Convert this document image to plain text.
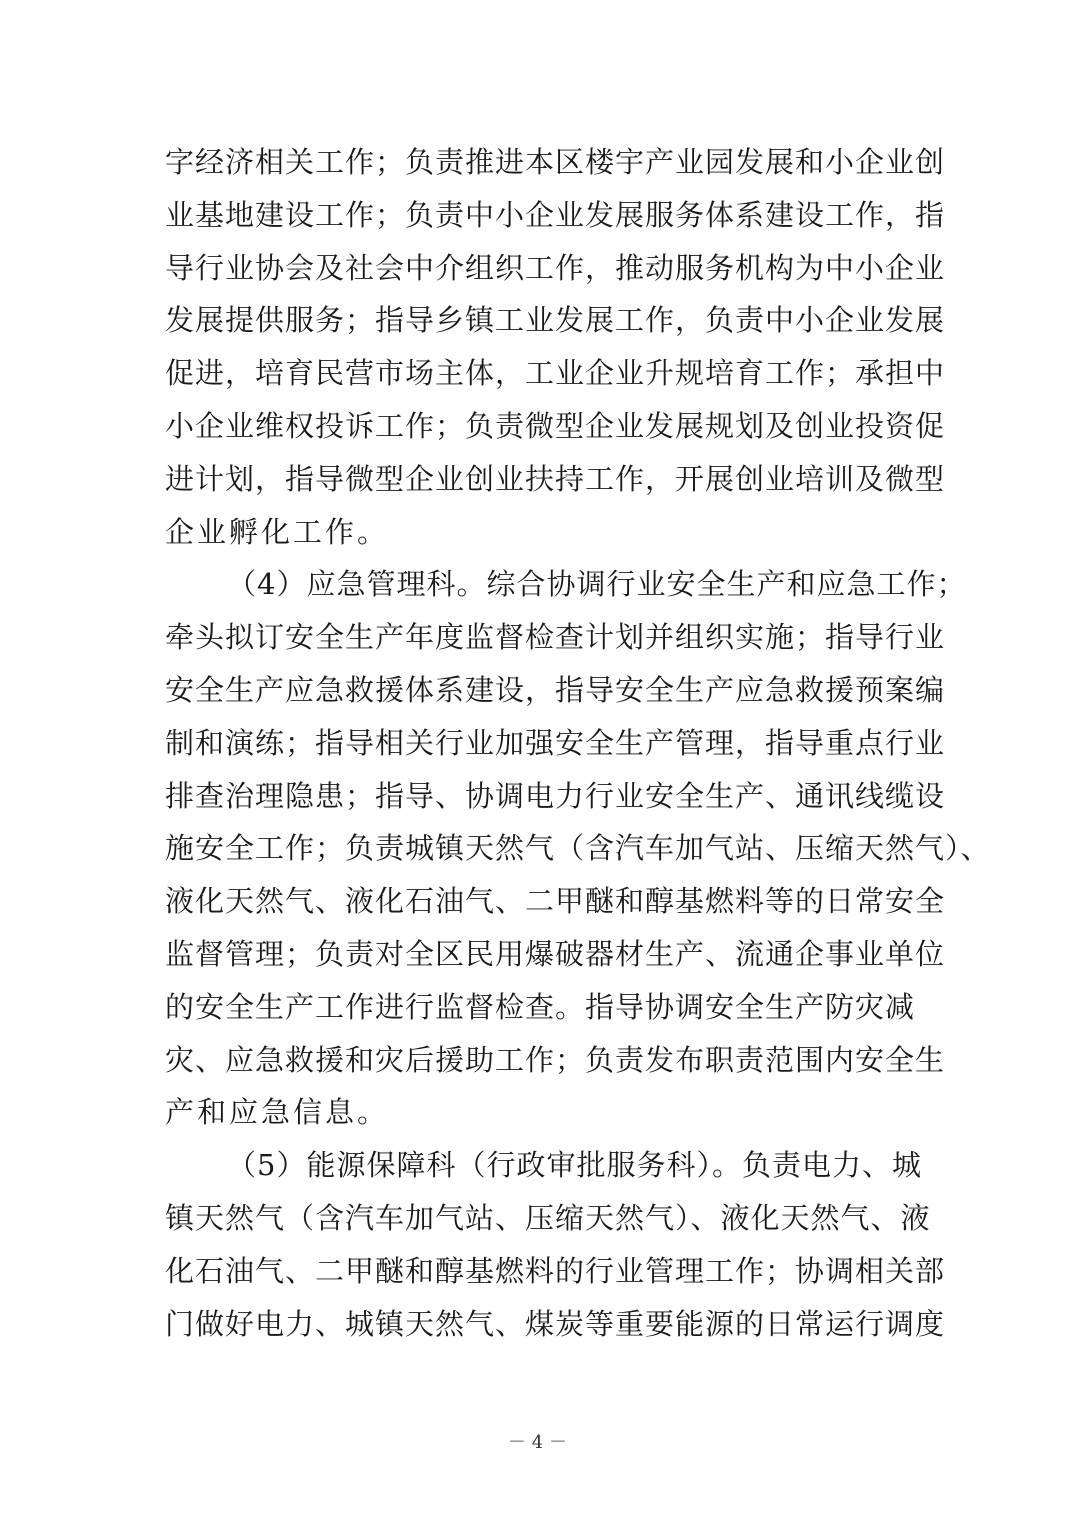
字经济相关工作；负责推进本区楼宇产业园发展和小企业创
业基地建设工作；负责中小企业发展服务体系建设工作，指
导行业协会及社会中介组织工作，推动服务机构为中小企业
发展提供服务；指导乡镇工业发展工作，负责中小企业发展
促进，培育民营市场主体，工业企业升规培育工作；承担中
小企业维权投诉工作；负责微型企业发展规划及创业投资促
进计划，指导微型企业创业扶持工作，开展创业培训及微型
企业孵化工作。
（4）应急管理科。综合协调行业安全生产和应急工作；
牵头拟订安全生产年度监督检查计划并组织实施；指导行业
安全生产应急救援体系建设，指导安全生产应急救援预案编
制和演练；指导相关行业加强安全生产管理，指导重点行业
排查治理隐患；指导、协调电力行业安全生产、通讯线缆设
施安全工作；负责城镇天然气（含汽车加气站、压缩天然气）、
液化天然气、液化石油气、二甲醚和醇基燃料等的日常安全
监督管理；负责对全区民用爆破器材生产、流通企事业单位
的安全生产工作进行监督检查。指导协调安全生产防灾减
灾、应急救援和灾后援助工作；负责发布职责范围内安全生
产和应急信息。
（5）能源保障科（行政审批服务科）。负责电力、城
镇天然气（含汽车加气站、压缩天然气）、液化天然气、液
化石油气、二甲醚和醇基燃料的行业管理工作；协调相关部
门做好电力、城镇天然气、煤炭等重要能源的日常运行调度
－ 4 －
